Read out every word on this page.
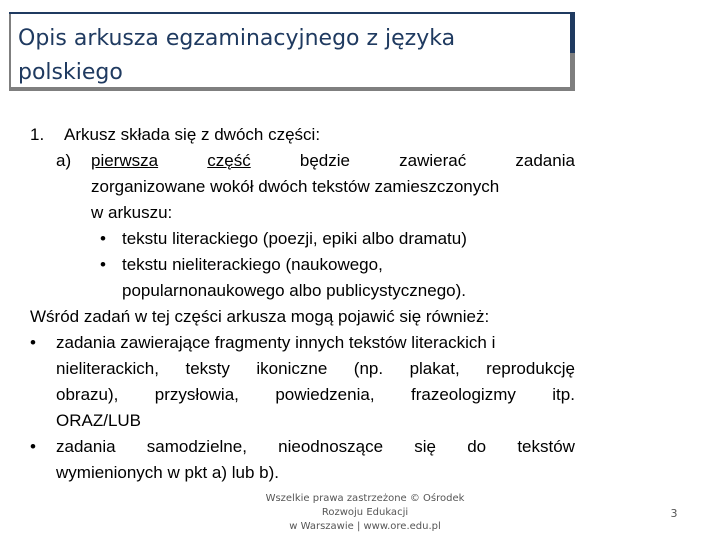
Opis arkusza egzaminacyjnego z języka polskiego
1. Arkusz składa się z dwóch części:
a) pierwsza	część	będzie	zawierać	zadania
zorganizowane wokół dwóch tekstów zamieszczonych
w arkuszu:
• tekstu literackiego (poezji, epiki albo dramatu)
• tekstu nieliterackiego (naukowego,
popularnonaukowego albo publicystycznego).
Wśród zadań w tej części arkusza mogą pojawić się również:
• zadania zawierające fragmenty innych tekstów literackich i
nieliterackich, teksty ikoniczne (np. plakat, reprodukcję
obrazu), przysłowia, powiedzenia, frazeologizmy itp.
ORAZ/LUB
• zadania samodzielne, nieodnoszące się do tekstów
wymienionych w pkt a) lub b).
Wszelkie prawa zastrzeżone © Ośrodek
Rozwoju Edukacji
w Warszawie | www.ore.edu.pl
3
